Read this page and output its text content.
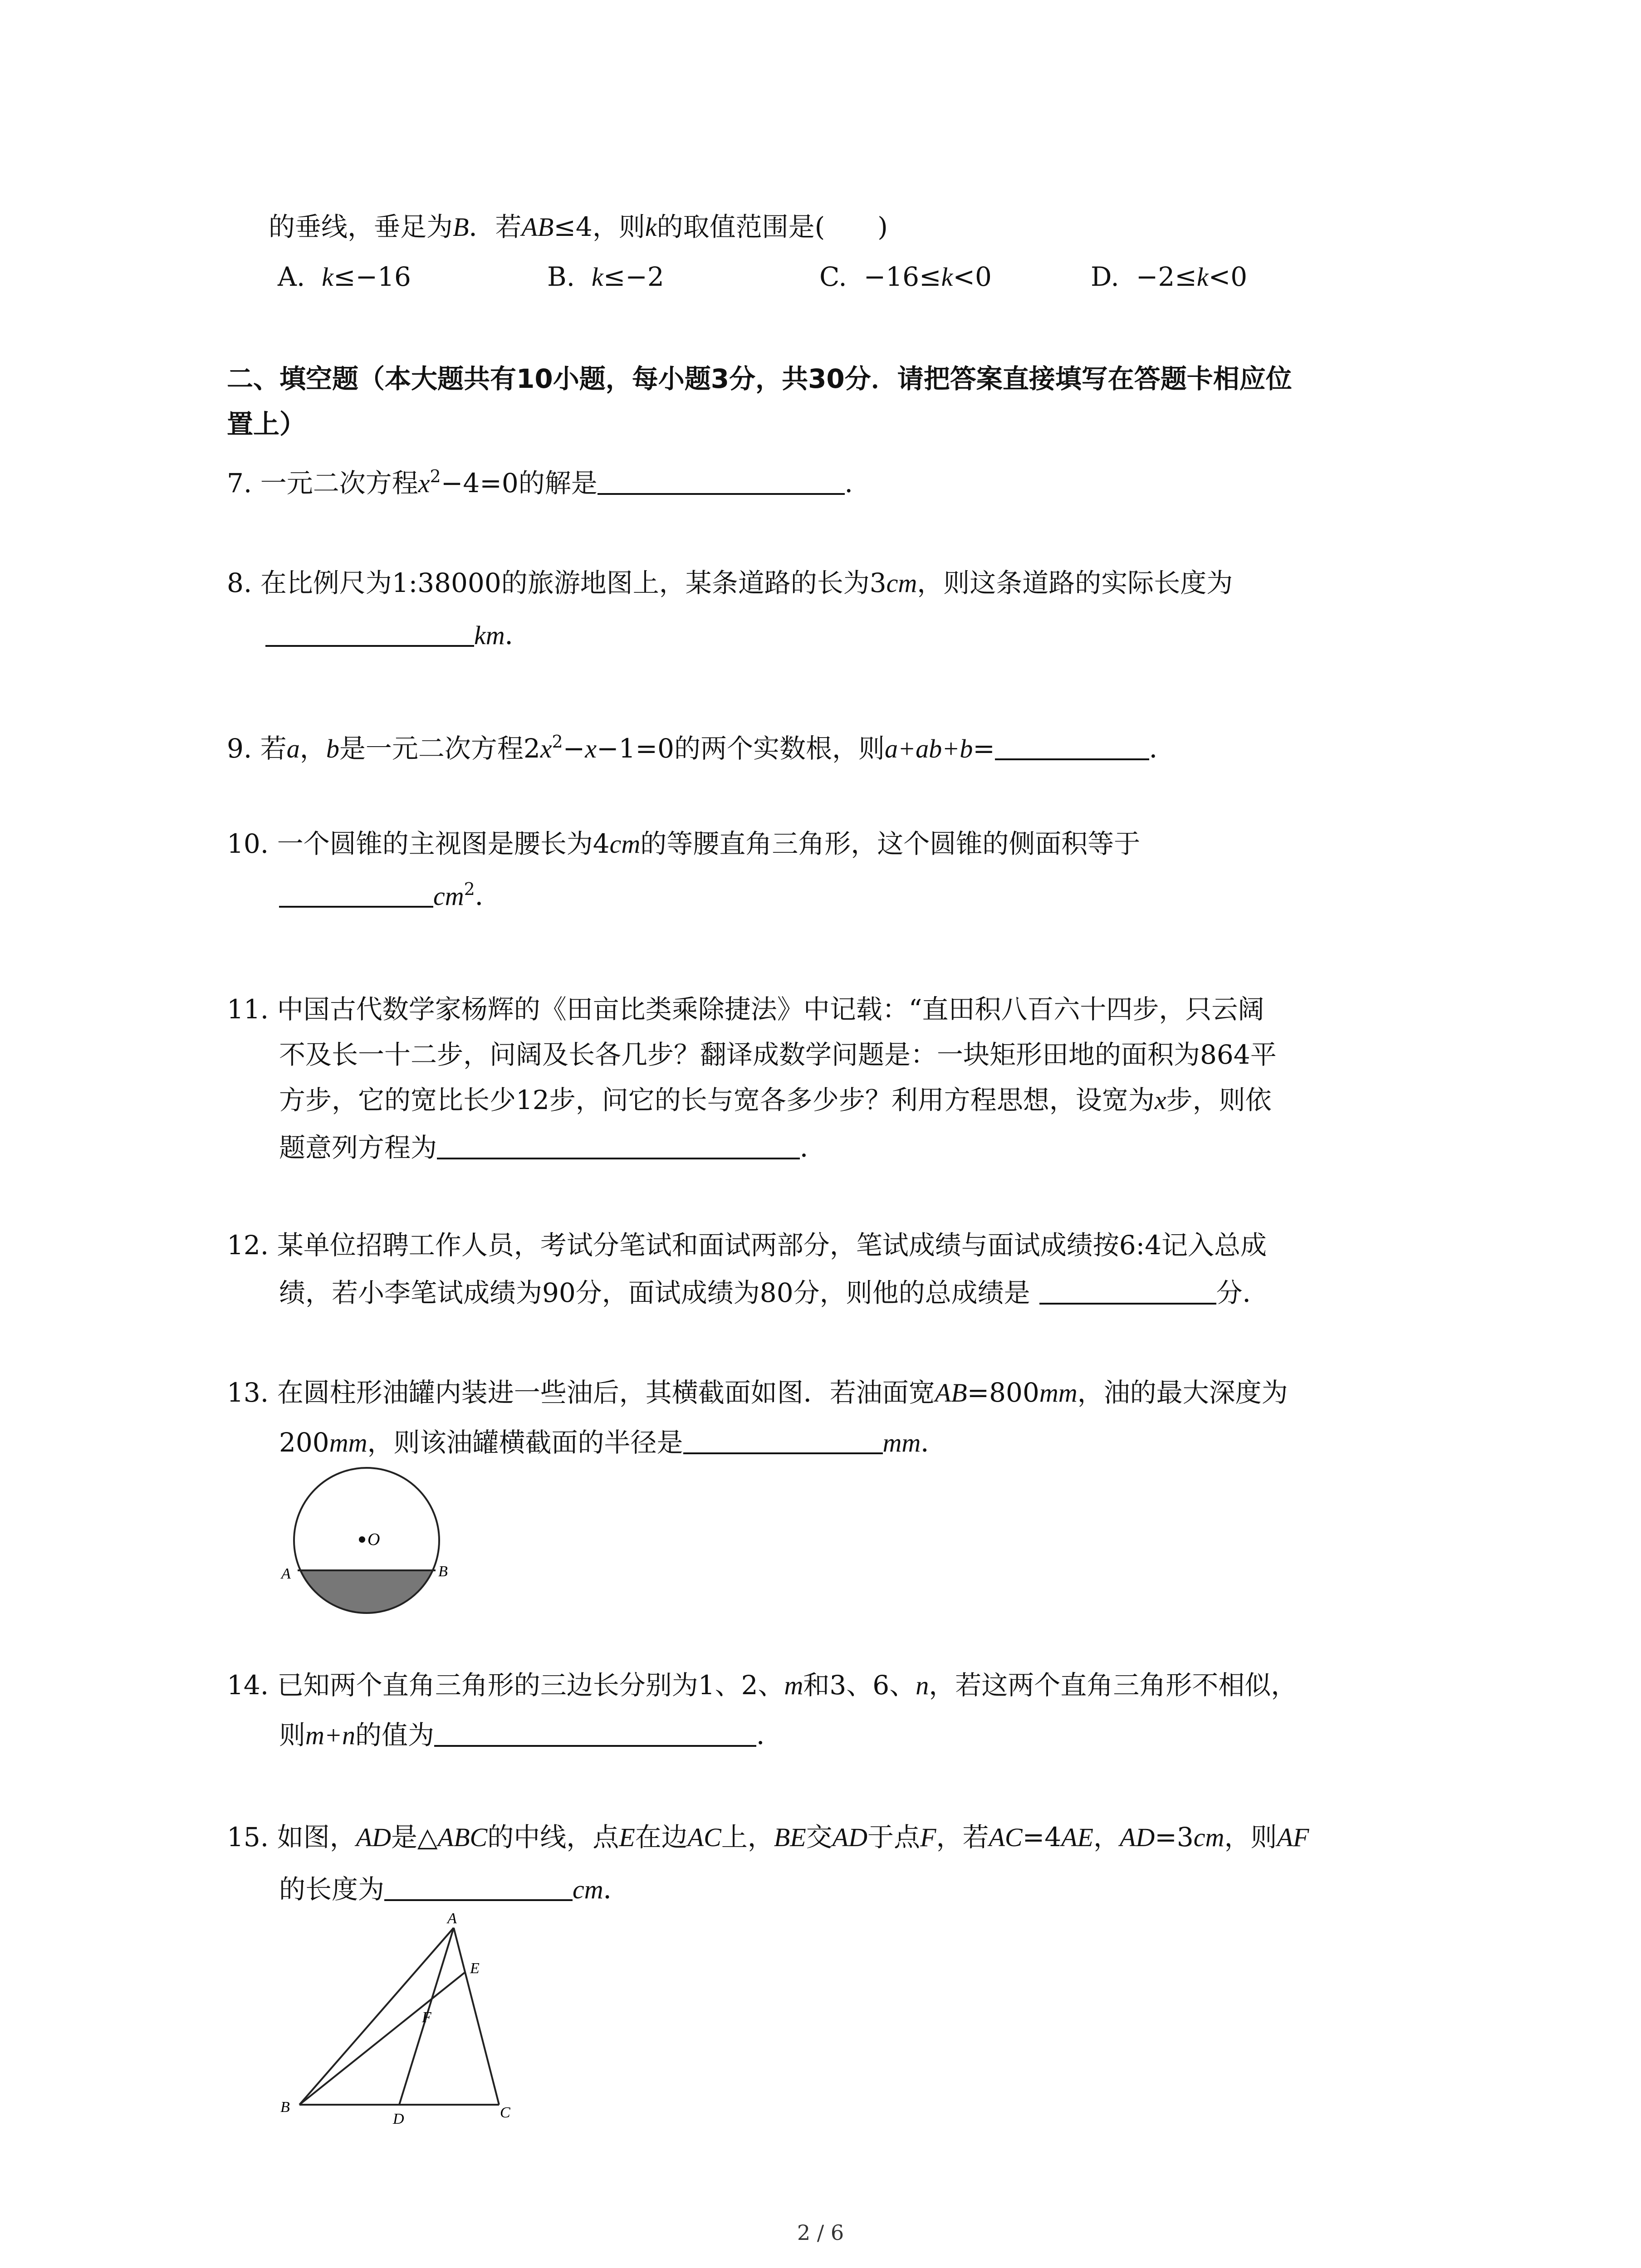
的垂线，垂足为B．若AB≤4，则k的取值范围是(　　)
A. k≤−16	B. k≤−2	C. −16≤k<0	D. −2≤k<0
二、填空题（本大题共有10小题，每小题3分，共30分．请把答案直接填写在答题卡相应位
置上）
7. 一元二次方程$x^2-4=0$的解是	．
8. 在比例尺为1:38000的旅游地图上，某条道路的长为3cm，则这条道路的实际长度为
km．
9. 若a，b是一元二次方程$2x^2-x-1=0$的两个实数根，则a+ab+b=	．
10. 一个圆锥的主视图是腰长为4cm的等腰直角三角形，这个圆锥的侧面积等于
$cm^2$．
11. 中国古代数学家杨辉的《田亩比类乘除捷法》中记载：“直田积八百六十四步，只云阔
不及长一十二步，问阔及长各几步？翻译成数学问题是：一块矩形田地的面积为864平
方步，它的宽比长少12步，问它的长与宽各多少步？利用方程思想，设宽为x步，则依
题意列方程为	．
12. 某单位招聘工作人员，考试分笔试和面试两部分，笔试成绩与面试成绩按6:4记入总成
绩，若小李笔试成绩为90分，面试成绩为80分，则他的总成绩是	分．
13. 在圆柱形油罐内装进一些油后，其横截面如图．若油面宽AB=800mm，油的最大深度为
200mm，则该油罐横截面的半径是	mm．
O
A	B
14. 已知两个直角三角形的三边长分别为1、2、m和3、6、n，若这两个直角三角形不相似，
则m+n的值为	．
15. 如图，AD是△ABC的中线，点E在边AC上，BE交AD于点F，若AC=4AE，AD=3cm，则AF
的长度为	cm．
A
E
F
B
D	C
2 / 6
